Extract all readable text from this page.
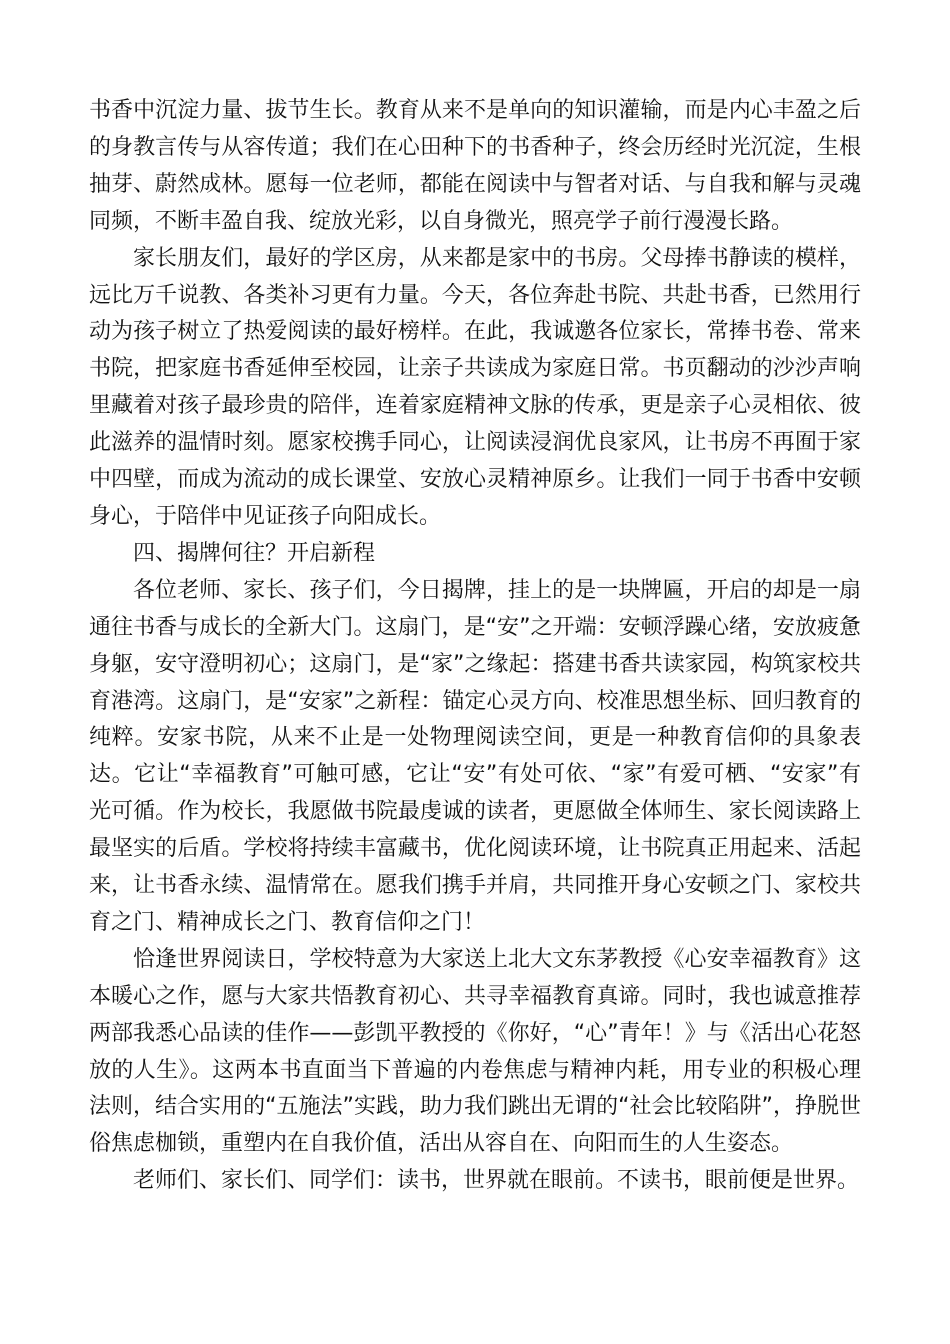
书香中沉淀力量、拔节生长。教育从来不是单向的知识灌输，而是内心丰盈之后的身教言传与从容传道；我们在心田种下的书香种子，终会历经时光沉淀，生根抽芽、蔚然成林。愿每一位老师，都能在阅读中与智者对话、与自我和解与灵魂同频，不断丰盈自我、绽放光彩，以自身微光，照亮学子前行漫漫长路。

家长朋友们，最好的学区房，从来都是家中的书房。父母捧书静读的模样，远比万千说教、各类补习更有力量。今天，各位奔赴书院、共赴书香，已然用行动为孩子树立了热爱阅读的最好榜样。在此，我诚邀各位家长，常捧书卷、常来书院，把家庭书香延伸至校园，让亲子共读成为家庭日常。书页翻动的沙沙声响里藏着对孩子最珍贵的陪伴，连着家庭精神文脉的传承，更是亲子心灵相依、彼此滋养的温情时刻。愿家校携手同心，让阅读浸润优良家风，让书房不再囿于家中四壁，而成为流动的成长课堂、安放心灵精神原乡。让我们一同于书香中安顿身心，于陪伴中见证孩子向阳成长。

四、揭牌何往？开启新程

各位老师、家长、孩子们，今日揭牌，挂上的是一块牌匾，开启的却是一扇通往书香与成长的全新大门。这扇门，是“安”之开端：安顿浮躁心绪，安放疲惫身躯，安守澄明初心；这扇门，是“家”之缘起：搭建书香共读家园，构筑家校共育港湾。这扇门，是“安家”之新程：锚定心灵方向、校准思想坐标、回归教育的纯粹。安家书院，从来不止是一处物理阅读空间，更是一种教育信仰的具象表达。它让“幸福教育”可触可感，它让“安”有处可依、“家”有爱可栖、“安家”有光可循。作为校长，我愿做书院最虔诚的读者，更愿做全体师生、家长阅读路上最坚实的后盾。学校将持续丰富藏书，优化阅读环境，让书院真正用起来、活起来，让书香永续、温情常在。愿我们携手并肩，共同推开身心安顿之门、家校共育之门、精神成长之门、教育信仰之门！

恰逢世界阅读日，学校特意为大家送上北大文东茅教授《心安幸福教育》这本暖心之作，愿与大家共悟教育初心、共寻幸福教育真谛。同时，我也诚意推荐两部我悉心品读的佳作——彭凯平教授的《你好，“心”青年！》与《活出心花怒放的人生》。这两本书直面当下普遍的内卷焦虑与精神内耗，用专业的积极心理法则，结合实用的“五施法”实践，助力我们跳出无谓的“社会比较陷阱”，挣脱世俗焦虑枷锁，重塑内在自我价值，活出从容自在、向阳而生的人生姿态。

老师们、家长们、同学们：读书，世界就在眼前。不读书，眼前便是世界。
